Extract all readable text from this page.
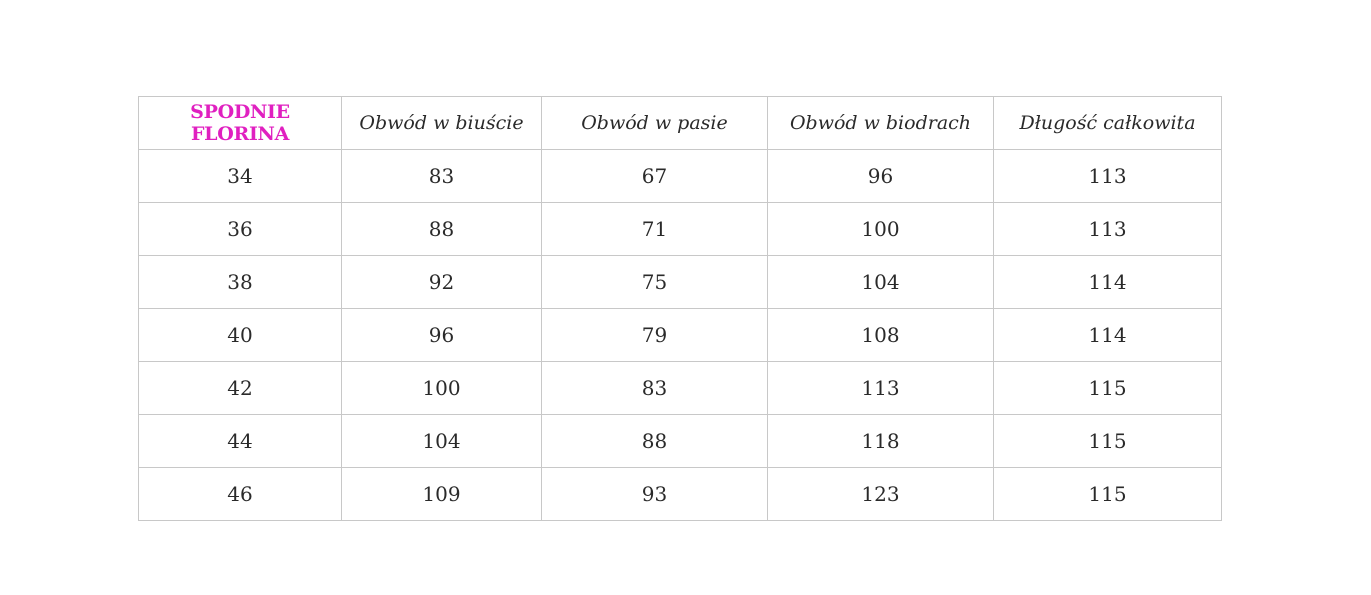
SPODNIE FLORINA	Obwód w biuście	Obwód w pasie	Obwód w biodrach	Długość całkowita
34	83	67	96	113
36	88	71	100	113
38	92	75	104	114
40	96	79	108	114
42	100	83	113	115
44	104	88	118	115
46	109	93	123	115
